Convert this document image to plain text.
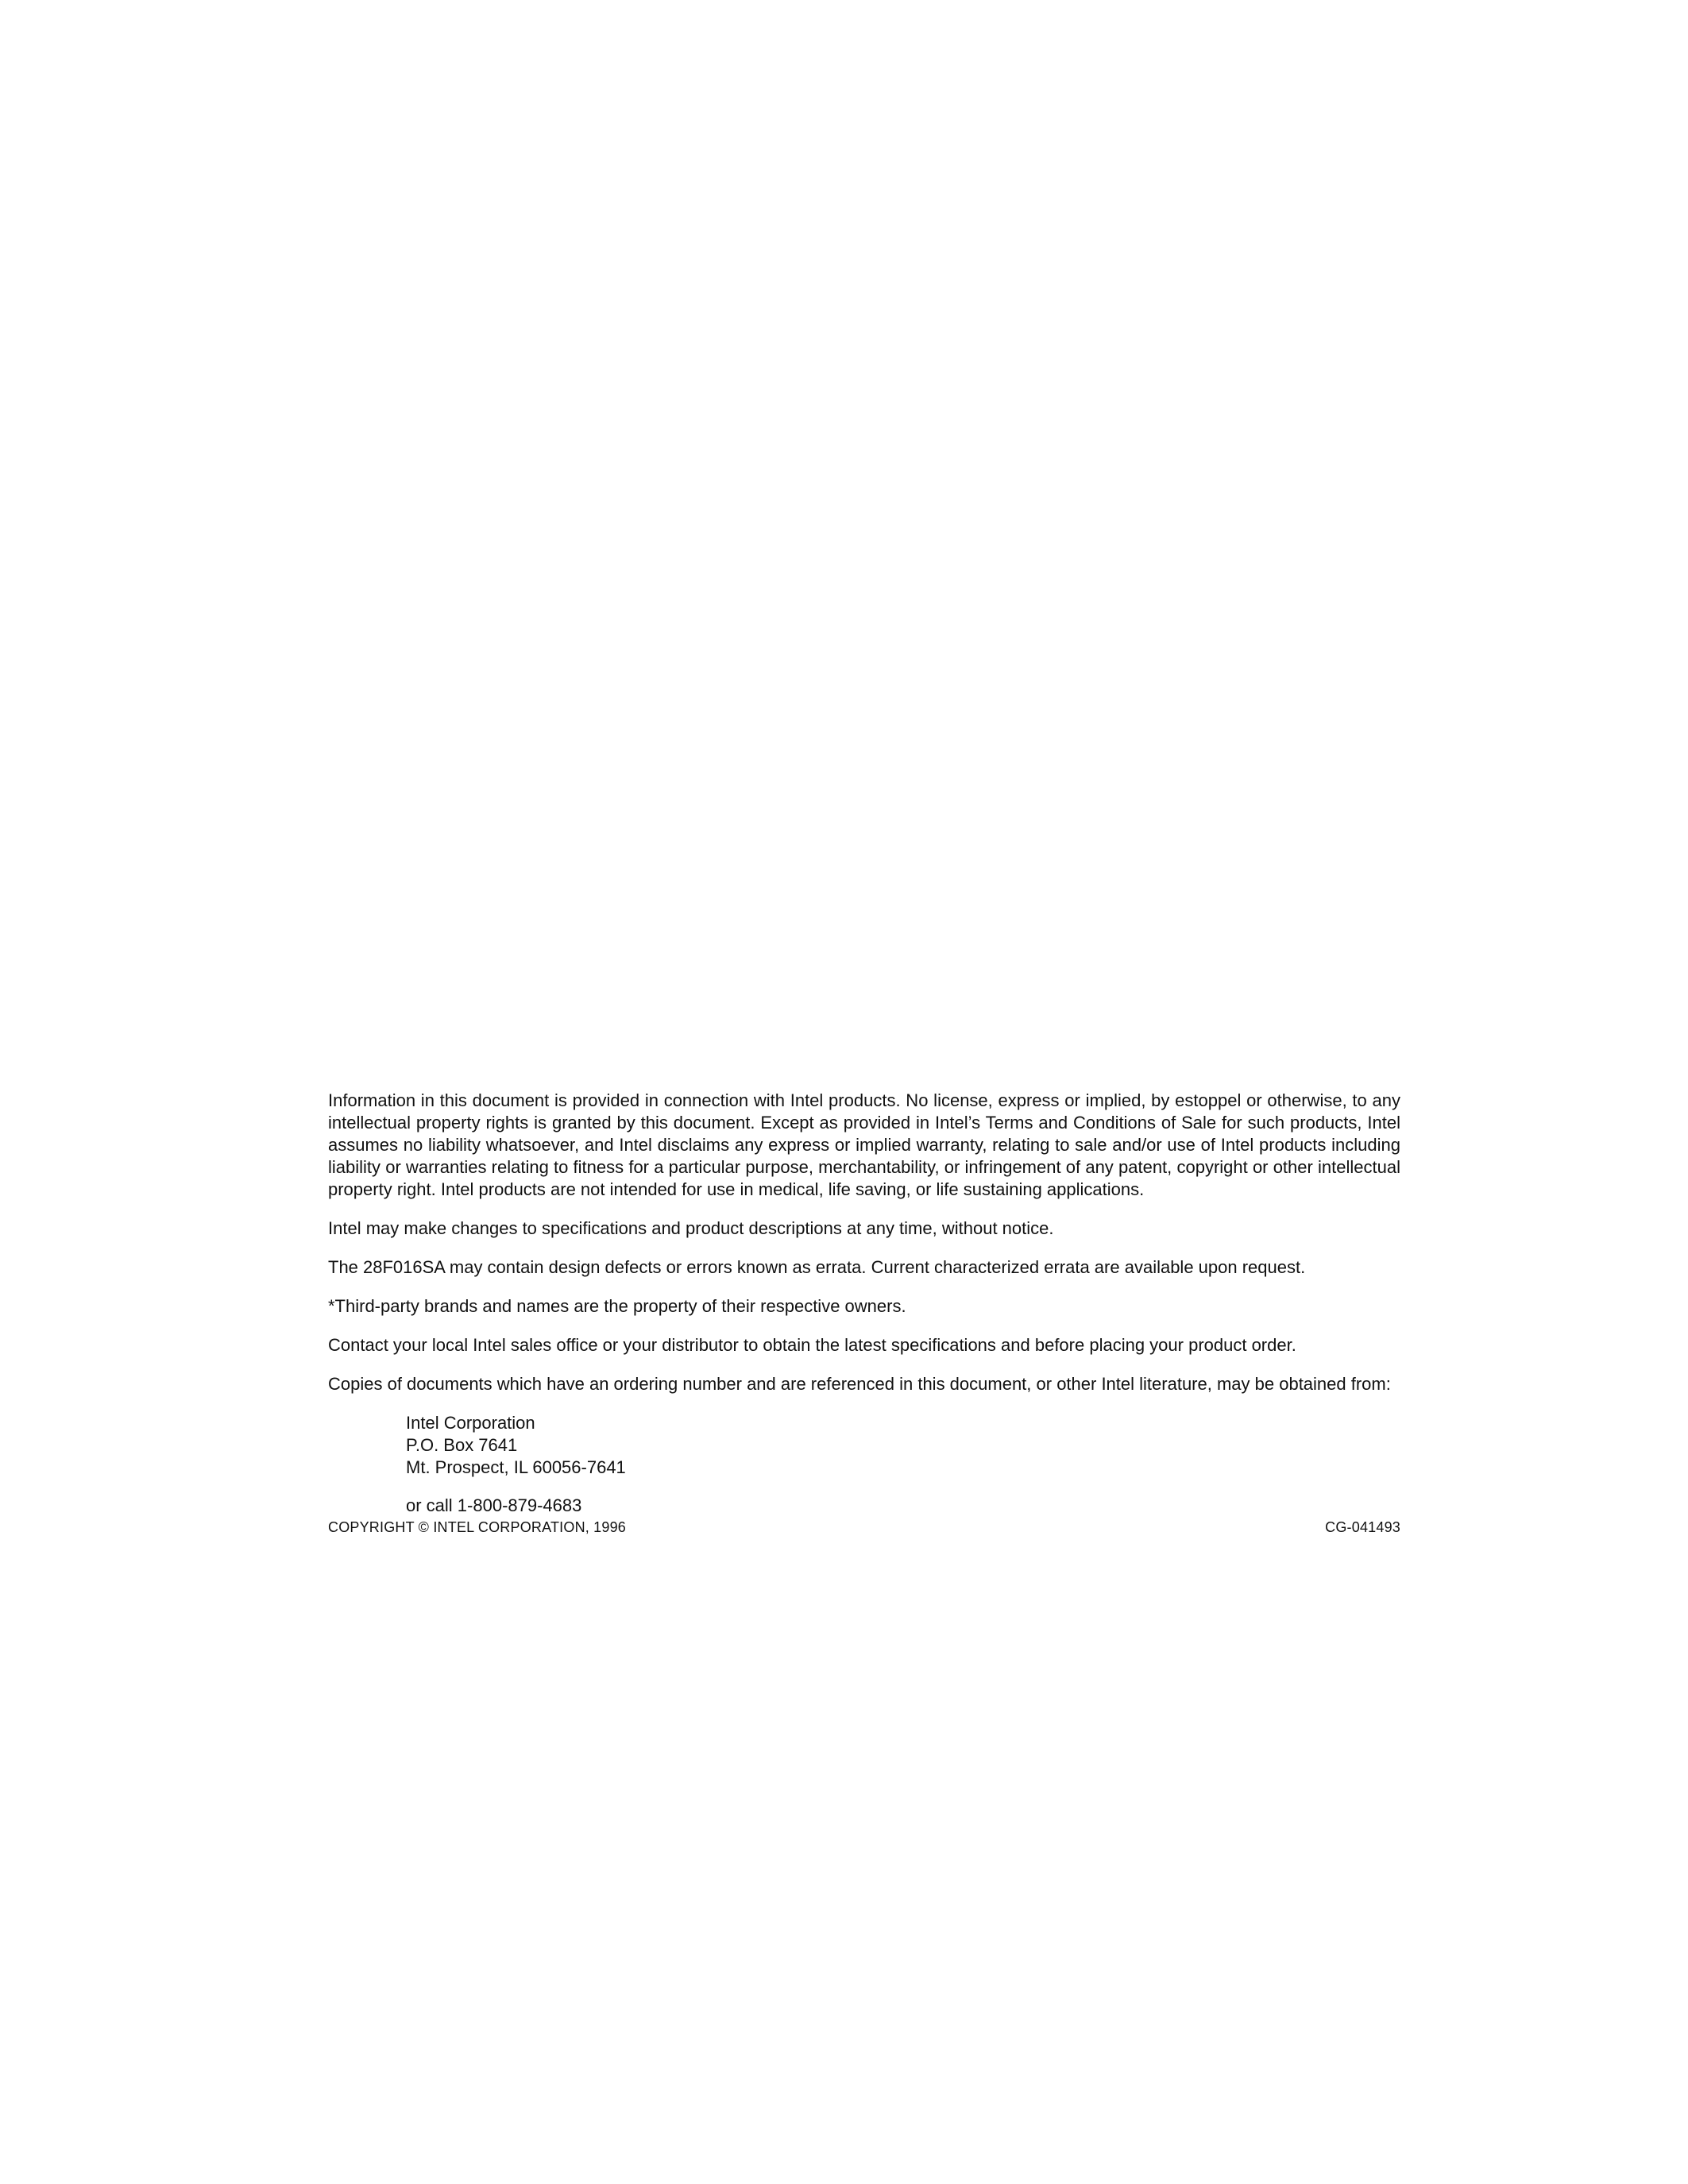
Information in this document is provided in connection with Intel products. No license, express or implied, by estoppel or otherwise, to any intellectual property rights is granted by this document. Except as provided in Intel’s Terms and Conditions of Sale for such products, Intel assumes no liability whatsoever, and Intel disclaims any express or implied warranty, relating to sale and/or use of Intel products including liability or warranties relating to fitness for a particular purpose, merchantability, or infringement of any patent, copyright or other intellectual property right. Intel products are not intended for use in medical, life saving, or life sustaining applications.

Intel may make changes to specifications and product descriptions at any time, without notice.

The 28F016SA may contain design defects or errors known as errata. Current characterized errata are available upon request.

*Third-party brands and names are the property of their respective owners.

Contact your local Intel sales office or your distributor to obtain the latest specifications and before placing your product order.

Copies of documents which have an ordering number and are referenced in this document, or other Intel literature, may be obtained from:

Intel Corporation
P.O. Box 7641
Mt. Prospect, IL 60056-7641
or call 1-800-879-4683
COPYRIGHT © INTEL CORPORATION, 1996	CG-041493
